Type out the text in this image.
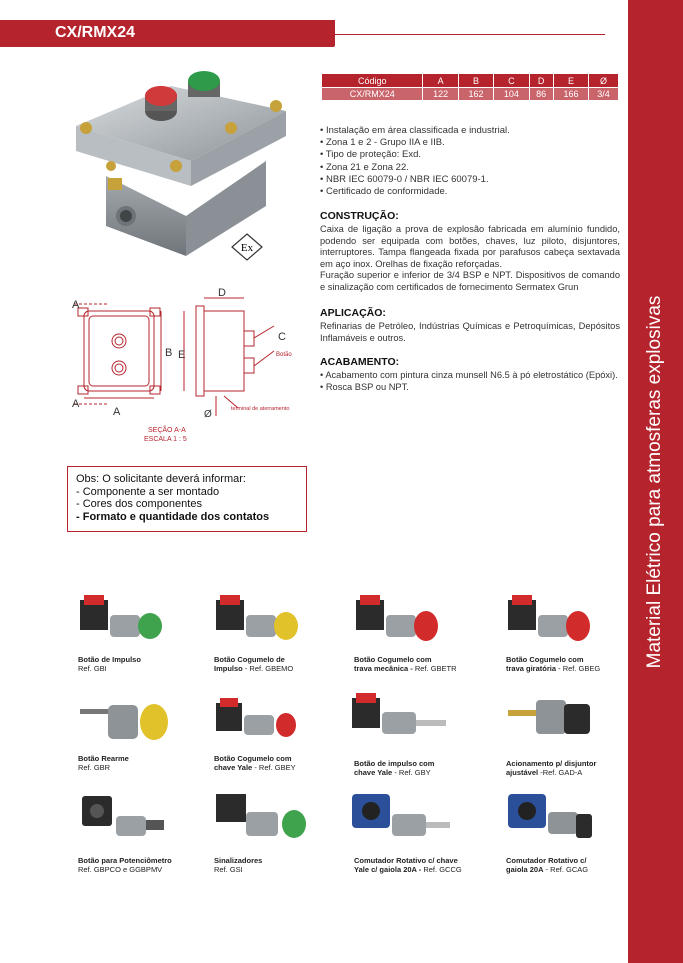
Material Elétrico para atmosferas explosivas
CX/RMX24
Ex
A
A
A
B E
D
C
Botão
Ø	terminal de aterramento
SEÇÃO A-A
ESCALA 1 : 5
Código	A	B	C	D	E	Ø
CX/RMX24	122	162	104	86	166	3/4
• Instalação em área classificada e industrial.
• Zona 1 e 2 - Grupo IIA e IIB.
• Tipo de proteção: Exd.
• Zona 21 e Zona 22.
• NBR IEC 60079-0 / NBR IEC 60079-1.
• Certificado de conformidade.
CONSTRUÇÃO:

Caixa de ligação a prova de explosão fabricada em alumínio fundido, podendo ser equipada com botões, chaves, luz piloto, disjuntores, interruptores. Tampa flangeada fixada por parafusos cabeça sextavada em aço inox. Orelhas de fixação reforçadas.

Furação superior e inferior de 3/4 BSP e NPT. Dispositivos de comando e sinalização com certificados de fornecimento Sermatex Grun

APLICAÇÃO:
Refinarias de Petróleo, Indústrias Químicas e Petroquímicas, Depósitos Inflamáveis e outros.
ACABAMENTO:

• Acabamento com pintura cinza munsell N6.5 à pó eletrostático (Epóxi).

• Rosca BSP ou NPT.

Obs: O solicitante deverá informar:
- Componente a ser montado
- Cores dos componentes
- Formato e quantidade dos contatos
Botão de Impulso
Ref. GBI
Botão Cogumelo de
Impulso - Ref. GBEMO
Botão Cogumelo com
trava mecânica - Ref. GBETR
Botão Cogumelo com
trava giratória - Ref. GBEG
Botão Rearme
Ref. GBR
Botão Cogumelo com
chave Yale - Ref. GBEY	Botão de impulso com
chave Yale - Ref. GBY
Acionamento p/ disjuntor
ajustável -Ref. GAD-A
Botão para Potenciômetro
Ref. GBPCO e GGBPMV
Sinalizadores
Ref. GSI
Comutador Rotativo c/ chave
Yale c/ gaiola 20A - Ref. GCCG
Comutador Rotativo c/
gaiola 20A - Ref. GCAG
